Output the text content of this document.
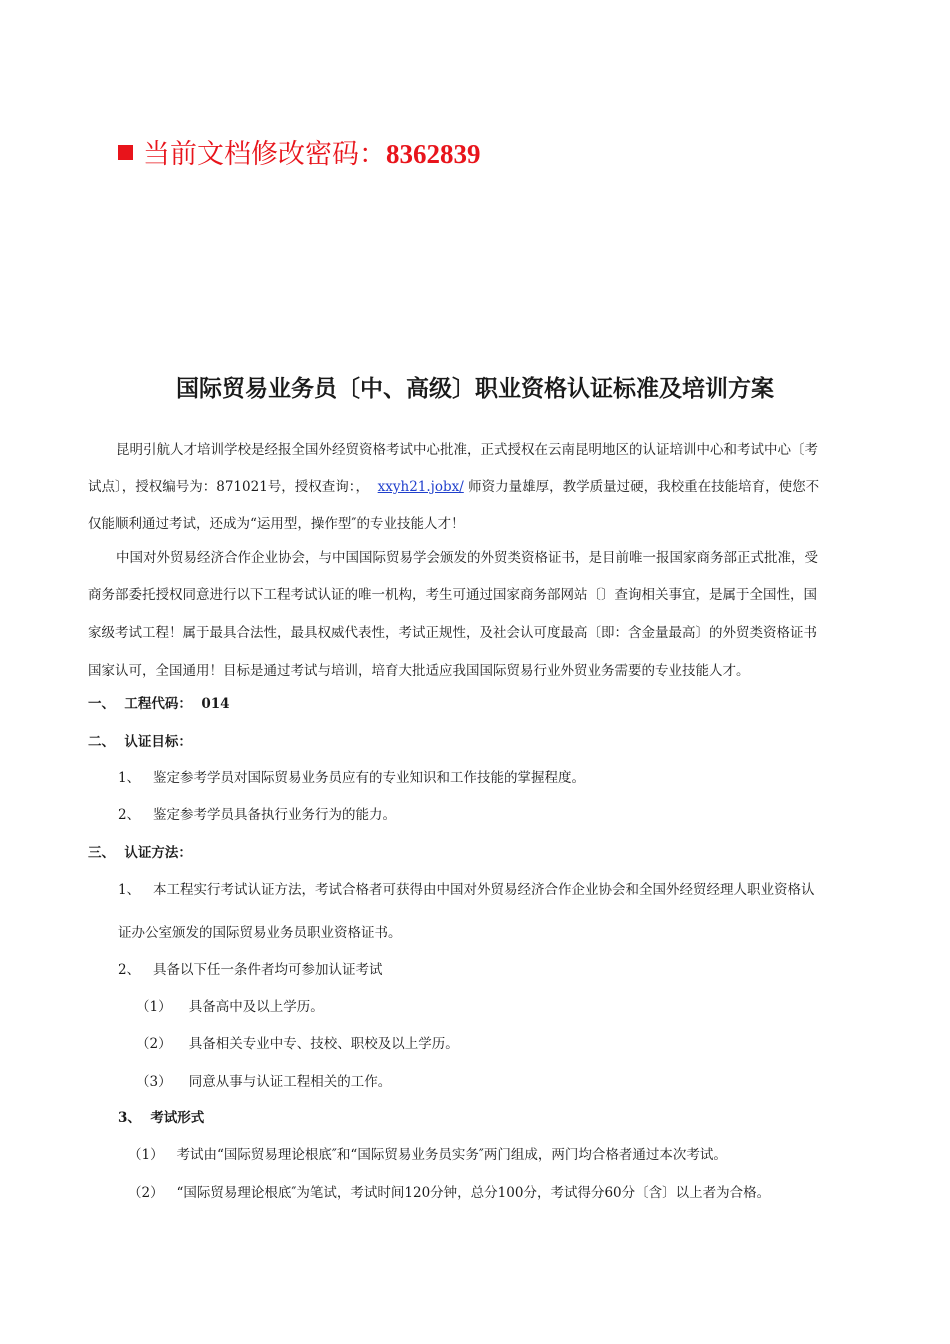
当前文档修改密码：8362839
国际贸易业务员〔中、高级〕职业资格认证标准及培训方案
昆明引航人才培训学校是经报全国外经贸资格考试中心批准，正式授权在云南昆明地区的认证培训中心和考试中心〔考
试点〕，授权编号为：871021号，授权查询：， xxyh21.jobx/ 师资力量雄厚，教学质量过硬，我校重在技能培育，使您不
仅能顺利通过考试，还成为“运用型，操作型″的专业技能人才！
中国对外贸易经济合作企业协会，与中国国际贸易学会颁发的外贸类资格证书，是目前唯一报国家商务部正式批准，受
商务部委托授权同意进行以下工程考试认证的唯一机构，考生可通过国家商务部网站〔〕查询相关事宜，是属于全国性，国
家级考试工程！属于最具合法性，最具权威代表性，考试正规性，及社会认可度最高〔即：含金量最高〕的外贸类资格证书
国家认可，全国通用！目标是通过考试与培训，培育大批适应我国国际贸易行业外贸业务需要的专业技能人才。
一、 工程代码： 014
二、 认证目标：
1、 鉴定参考学员对国际贸易业务员应有的专业知识和工作技能的掌握程度。
2、 鉴定参考学员具备执行业务行为的能力。
三、 认证方法：
1、 本工程实行考试认证方法，考试合格者可获得由中国对外贸易经济合作企业协会和全国外经贸经理人职业资格认
证办公室颁发的国际贸易业务员职业资格证书。
2、 具备以下任一条件者均可参加认证考试
（1） 具备高中及以上学历。
（2） 具备相关专业中专、技校、职校及以上学历。
（3） 同意从事与认证工程相关的工作。
3、 考试形式
（1） 考试由“国际贸易理论根底″和“国际贸易业务员实务″两门组成，两门均合格者通过本次考试。
（2） “国际贸易理论根底″为笔试，考试时间120分钟，总分100分，考试得分60分〔含〕以上者为合格。
